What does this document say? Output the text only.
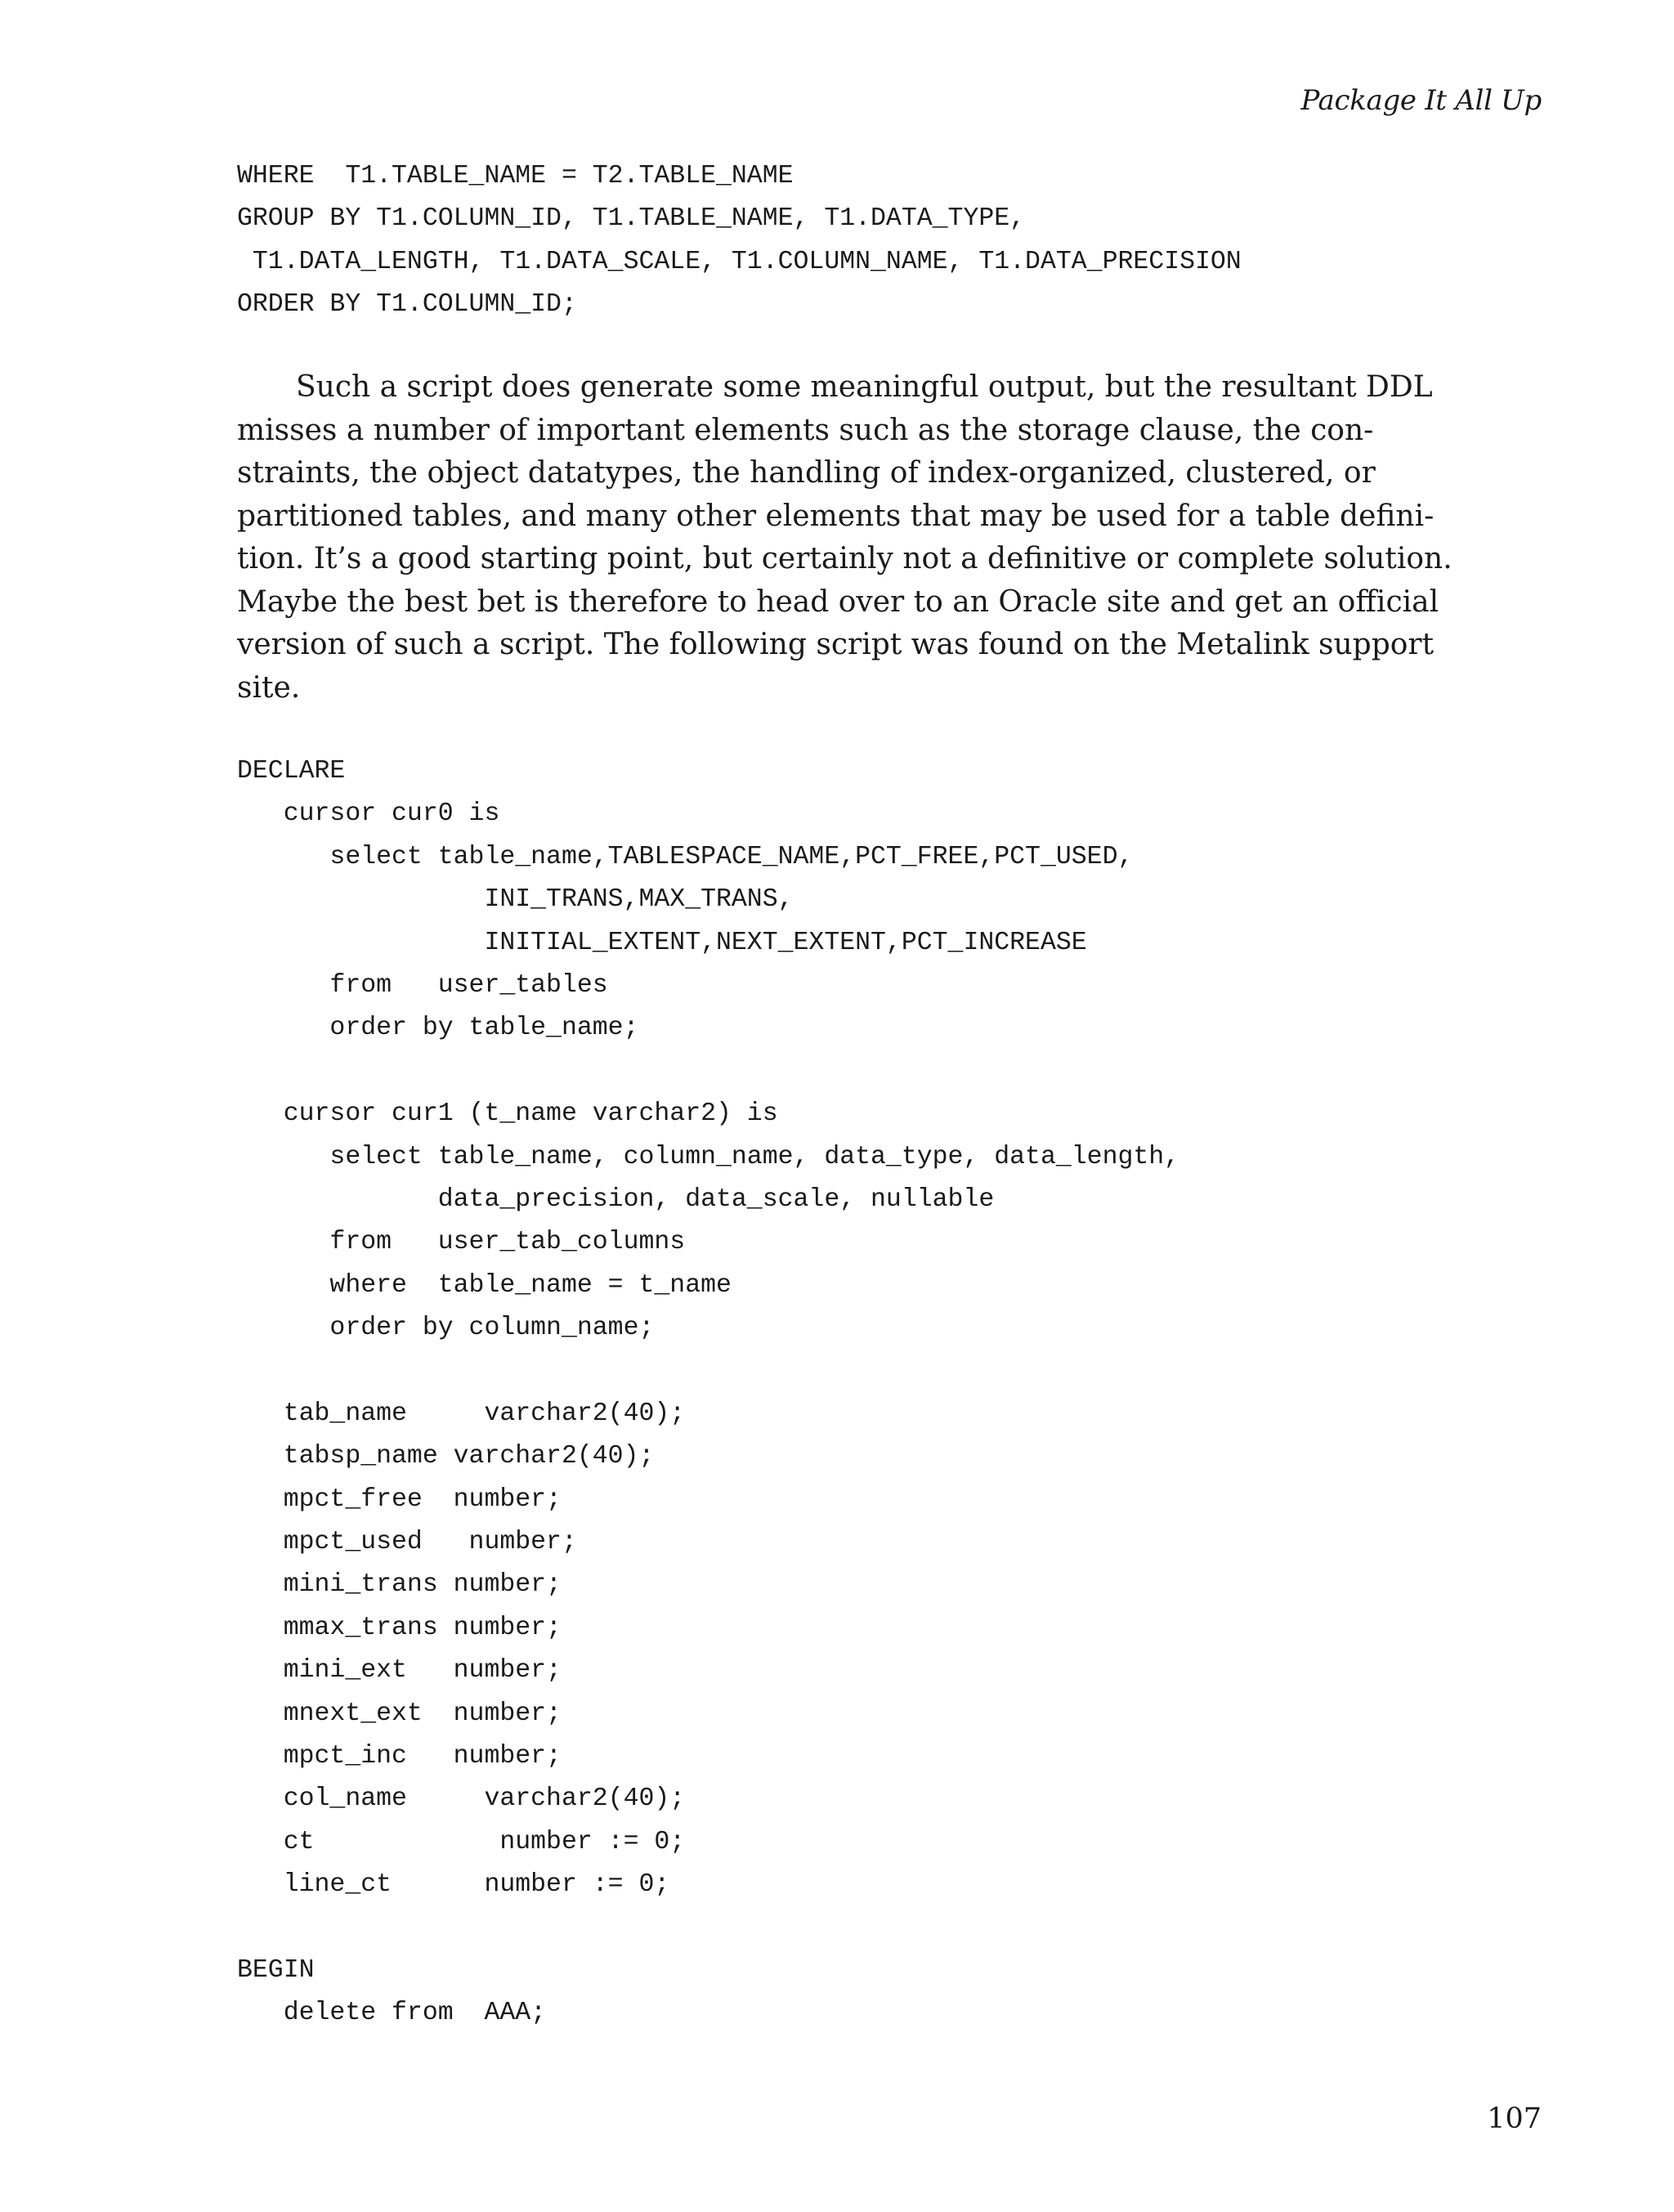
Package It All Up
WHERE  T1.TABLE_NAME = T2.TABLE_NAME
GROUP BY T1.COLUMN_ID, T1.TABLE_NAME, T1.DATA_TYPE,
T1.DATA_LENGTH, T1.DATA_SCALE, T1.COLUMN_NAME, T1.DATA_PRECISION
ORDER BY T1.COLUMN_ID;

Such a script does generate some meaningful output, but the resultant DDL
misses a number of important elements such as the storage clause, the con-
straints, the object datatypes, the handling of index-organized, clustered, or
partitioned tables, and many other elements that may be used for a table defini-
tion. It’s a good starting point, but certainly not a definitive or complete solution.
Maybe the best bet is therefore to head over to an Oracle site and get an official
version of such a script. The following script was found on the Metalink support
site.

DECLARE
cursor cur0 is
select table_name,TABLESPACE_NAME,PCT_FREE,PCT_USED,
INI_TRANS,MAX_TRANS,
INITIAL_EXTENT,NEXT_EXTENT,PCT_INCREASE
from   user_tables
order by table_name;
cursor cur1 (t_name varchar2) is
select table_name, column_name, data_type, data_length,
data_precision, data_scale, nullable
from   user_tab_columns
where  table_name = t_name
order by column_name;
tab_name     varchar2(40);
tabsp_name varchar2(40);
mpct_free  number;
mpct_used   number;
mini_trans number;
mmax_trans number;
mini_ext   number;
mnext_ext  number;
mpct_inc   number;
col_name     varchar2(40);
ct            number := 0;
line_ct      number := 0;
BEGIN
delete from  AAA;
107
